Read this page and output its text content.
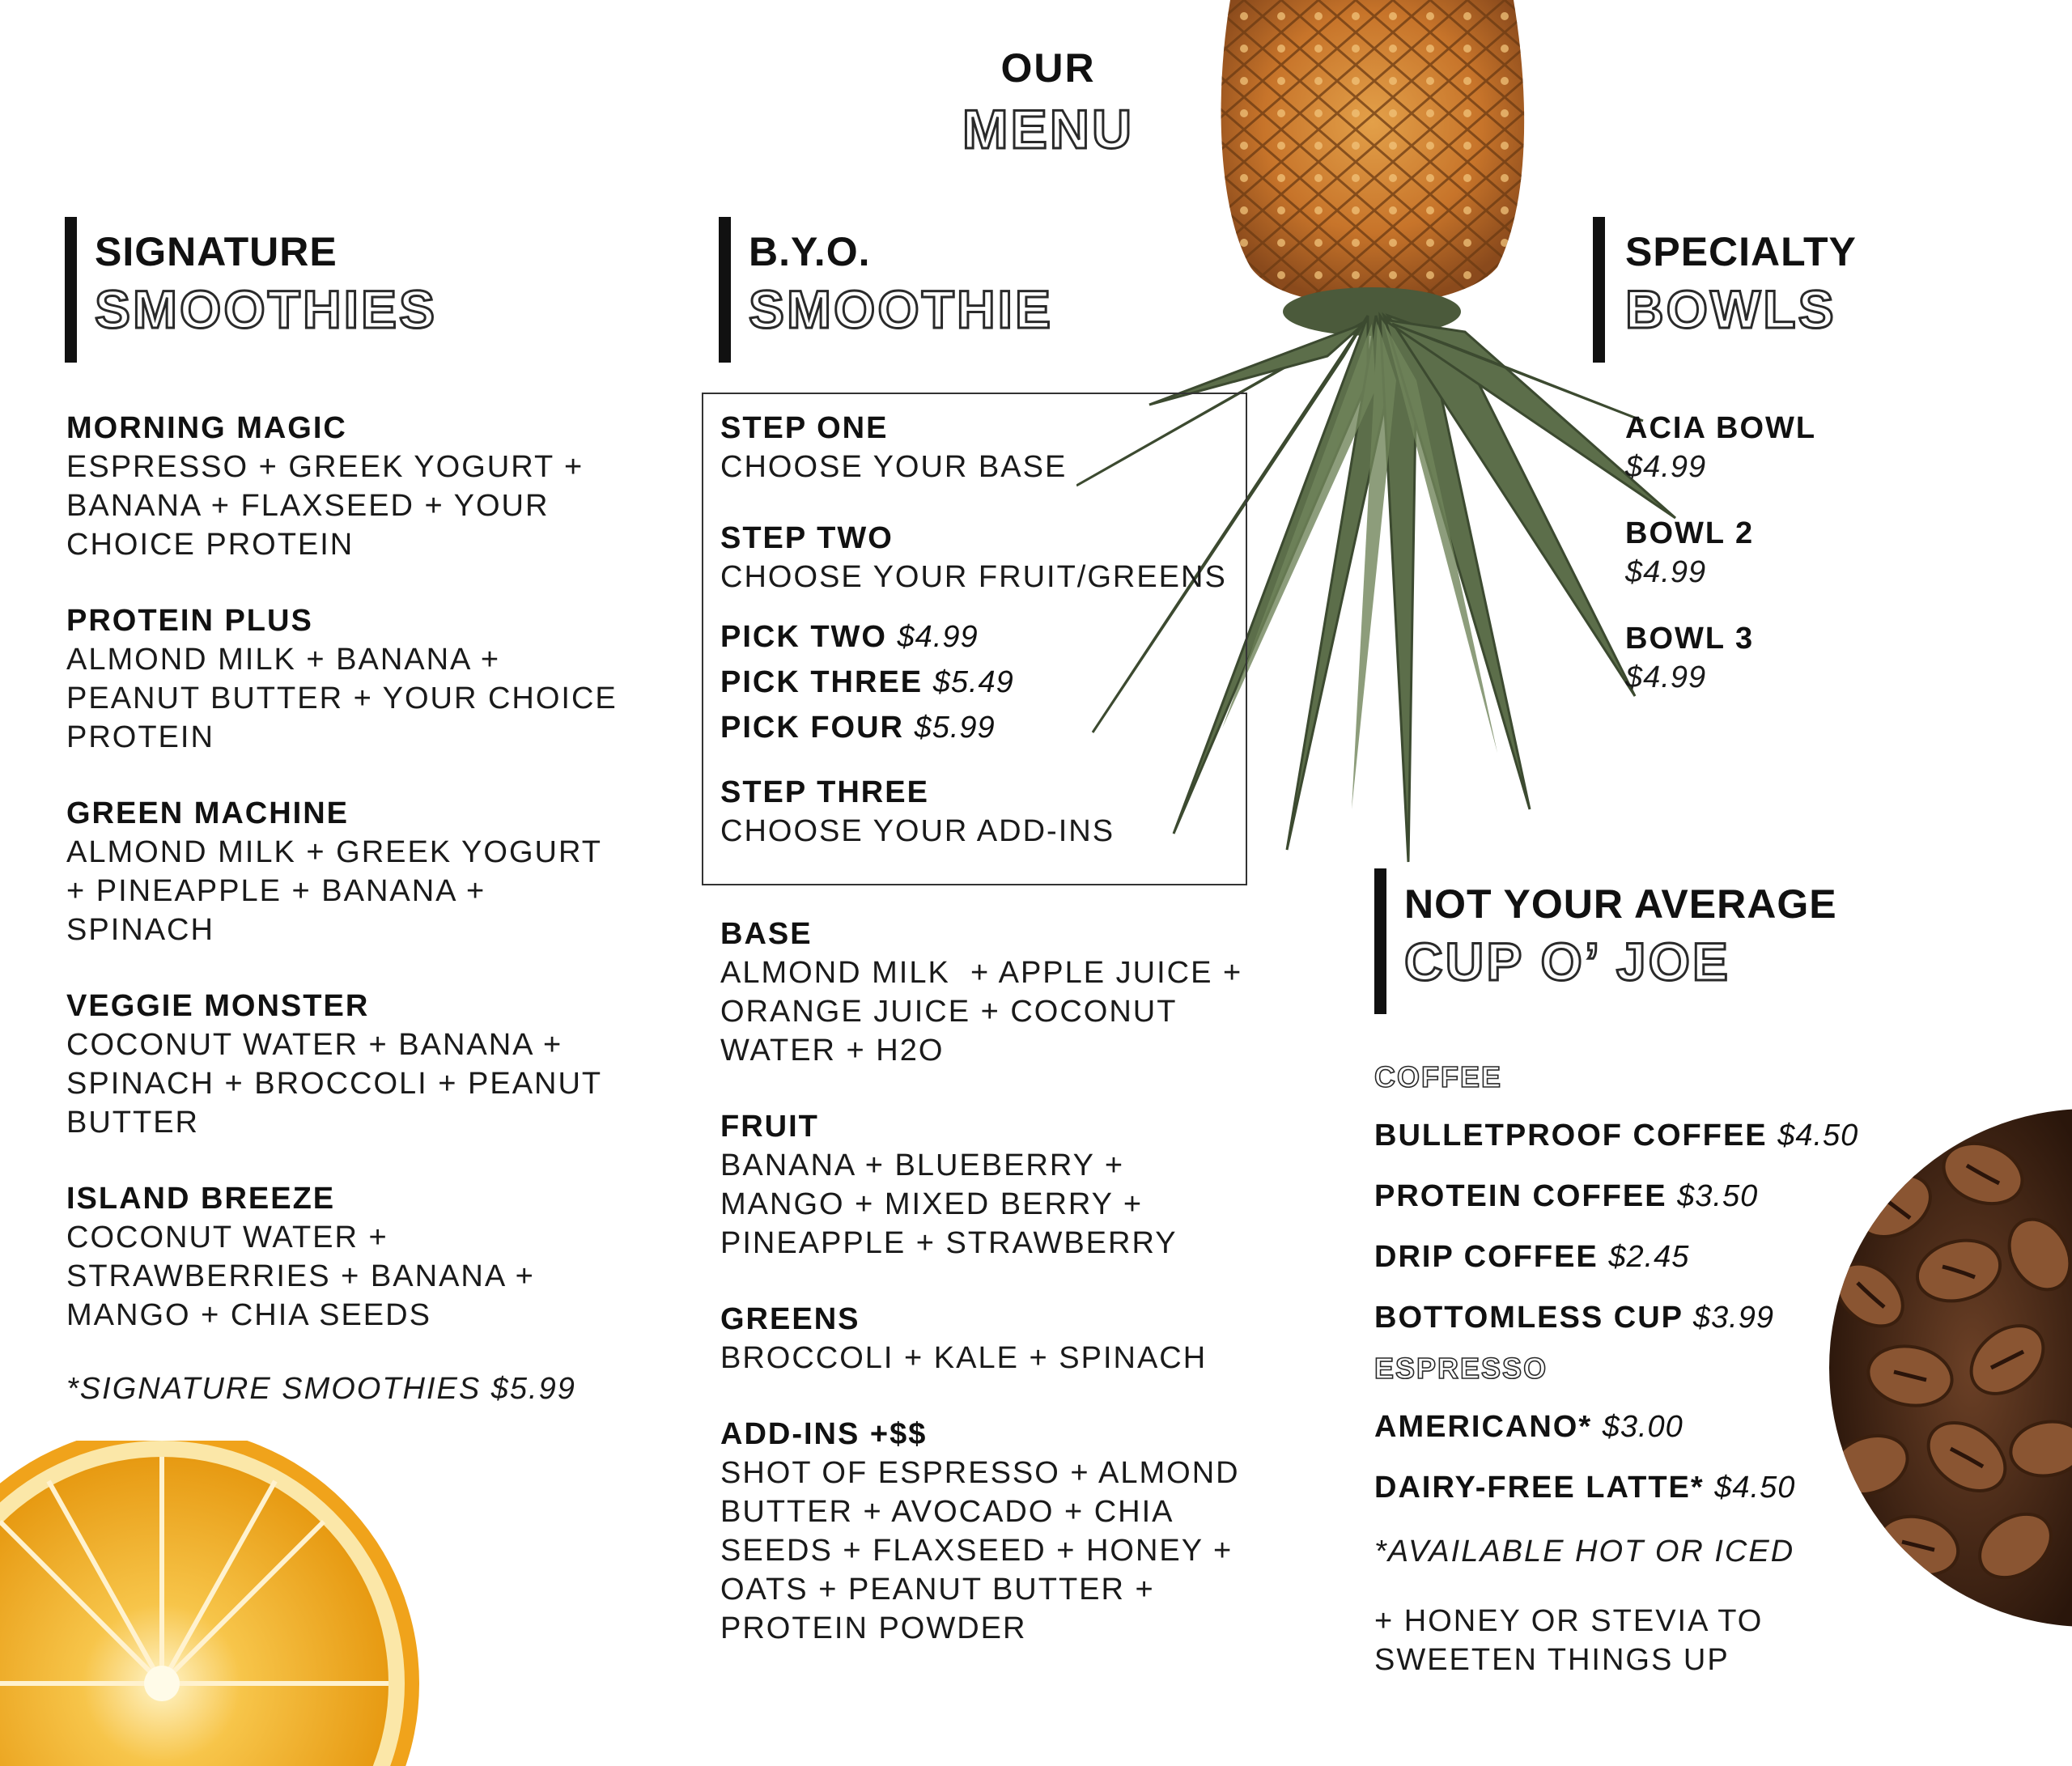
OUR
MENU
SIGNATURE
SMOOTHIES
MORNING MAGIC
ESPRESSO + GREEK YOGURT + BANANA + FLAXSEED + YOUR CHOICE PROTEIN
PROTEIN PLUS
ALMOND MILK + BANANA + PEANUT BUTTER + YOUR CHOICE PROTEIN
GREEN MACHINE
ALMOND MILK + GREEK YOGURT + PINEAPPLE + BANANA + SPINACH
VEGGIE MONSTER
COCONUT WATER + BANANA + SPINACH + BROCCOLI + PEANUT BUTTER
ISLAND BREEZE
COCONUT WATER + STRAWBERRIES + BANANA + MANGO + CHIA SEEDS
*SIGNATURE SMOOTHIES $5.99
B.Y.O.
SMOOTHIE
STEP ONE
CHOOSE YOUR BASE
STEP TWO
CHOOSE YOUR FRUIT/GREENS
PICK TWO $4.99
PICK THREE $5.49
PICK FOUR $5.99
STEP THREE
CHOOSE YOUR ADD-INS
BASE
ALMOND MILK  + APPLE JUICE + ORANGE JUICE + COCONUT WATER + H2O
FRUIT
BANANA + BLUEBERRY + MANGO + MIXED BERRY + PINEAPPLE + STRAWBERRY
GREENS
BROCCOLI + KALE + SPINACH
ADD-INS +$$
SHOT OF ESPRESSO + ALMOND BUTTER + AVOCADO + CHIA SEEDS + FLAXSEED + HONEY + OATS + PEANUT BUTTER + PROTEIN POWDER
SPECIALTY
BOWLS
ACIA BOWL
$4.99
BOWL 2
$4.99
BOWL 3
$4.99
NOT YOUR AVERAGE
CUP O’ JOE
COFFEE
BULLETPROOF COFFEE $4.50
PROTEIN COFFEE $3.50
DRIP COFFEE $2.45
BOTTOMLESS CUP $3.99
ESPRESSO
AMERICANO* $3.00
DAIRY-FREE LATTE* $4.50
*AVAILABLE HOT OR ICED
+ HONEY OR STEVIA TO SWEETEN THINGS UP
